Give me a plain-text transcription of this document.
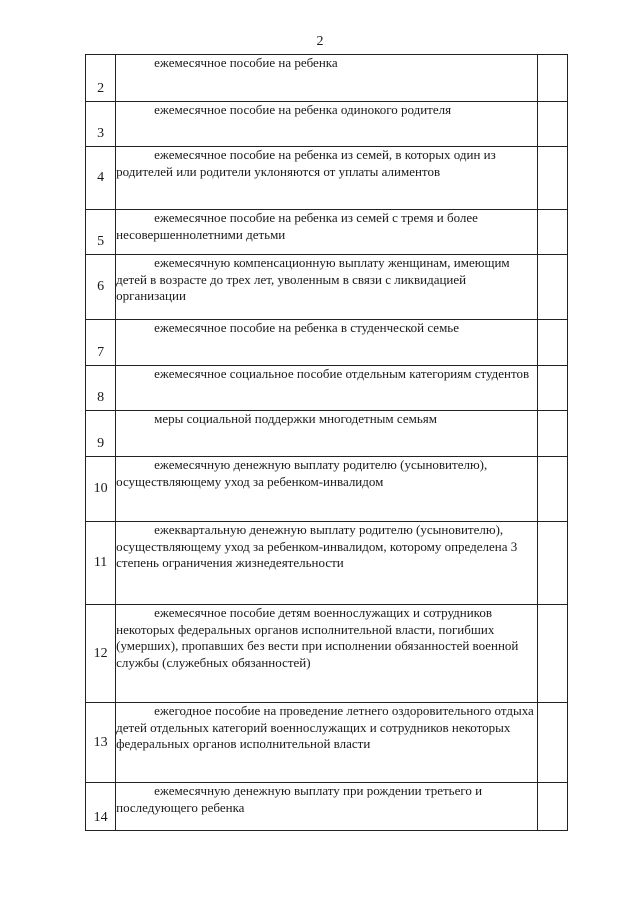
2
2	ежемесячное пособие на ребенка	

3	ежемесячное пособие на ребенка одинокого родителя	

4	ежемесячное пособие на ребенка из семей, в которых один из родителей или родители уклоняются от уплаты алиментов	

5	ежемесячное пособие на ребенка из семей с тремя и более несовершеннолетними детьми	

6	ежемесячную компенсационную выплату женщинам, имеющим детей в возрасте до трех лет, уволенным в связи с ликвидацией организации	

7	ежемесячное пособие на ребенка в студенческой семье	

8	ежемесячное социальное пособие отдельным категориям студентов	

9	меры социальной поддержки многодетным семьям	

10	ежемесячную денежную выплату родителю (усыновителю), осуществляющему уход за ребенком-инвалидом	

11	ежеквартальную денежную выплату родителю (усыновителю), осуществляющему уход за ребенком-инвалидом, которому определена 3 степень ограничения жизнедеятельности	

12	ежемесячное пособие детям военнослужащих и сотрудников некоторых федеральных органов исполнительной власти, погибших (умерших), пропавших без вести при исполнении обязанностей военной службы (служебных обязанностей)	

13	ежегодное пособие на проведение летнего оздоровительного отдыха детей отдельных категорий военнослужащих и сотрудников некоторых федеральных органов исполнительной власти	

14	ежемесячную денежную выплату при рождении третьего и последующего ребенка	
